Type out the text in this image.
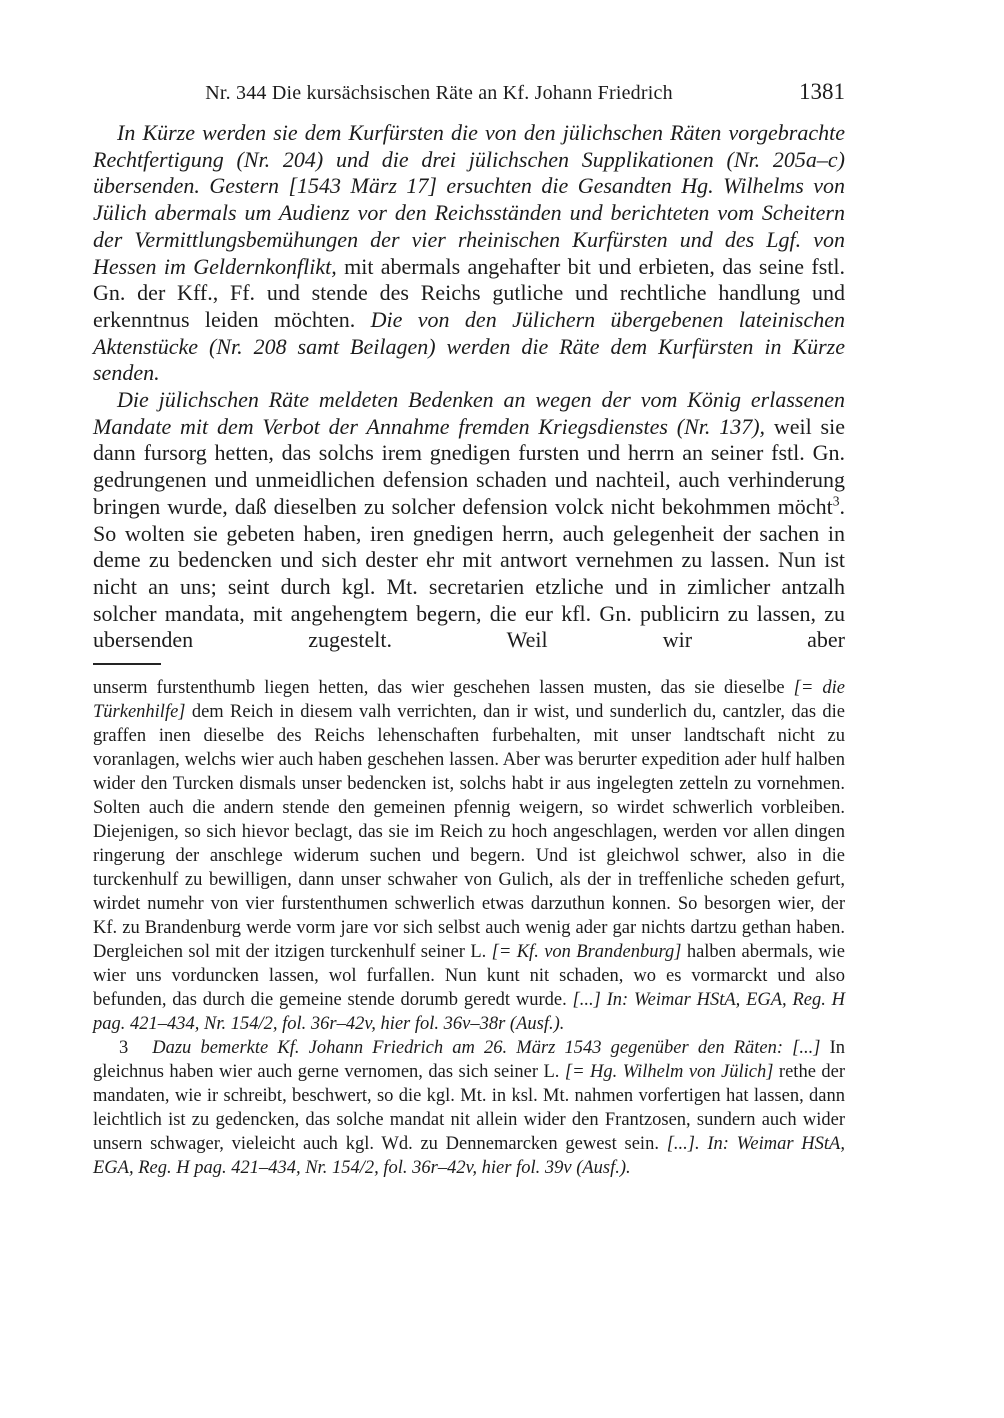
Nr. 344 Die kursächsischen Räte an Kf. Johann Friedrich	1381

In Kürze werden sie dem Kurfürsten die von den jülichschen Räten vorgebrachte Rechtfertigung (Nr. 204) und die drei jülichschen Supplikationen (Nr. 205a–c) übersenden. Gestern [1543 März 17] ersuchten die Gesandten Hg. Wilhelms von Jülich abermals um Audienz vor den Reichsständen und berichteten vom Scheitern der Vermittlungsbemühungen der vier rheinischen Kurfürsten und des Lgf. von Hessen im Geldernkonflikt, mit abermals angehafter bit und erbieten, das seine fstl. Gn. der Kff., Ff. und stende des Reichs gutliche und rechtliche handlung und erkenntnus leiden möchten. Die von den Jülichern übergebenen lateinischen Aktenstücke (Nr. 208 samt Beilagen) werden die Räte dem Kurfürsten in Kürze senden.

Die jülichschen Räte meldeten Bedenken an wegen der vom König erlassenen Mandate mit dem Verbot der Annahme fremden Kriegsdienstes (Nr. 137), weil sie dann fursorg hetten, das solchs irem gnedigen fursten und herrn an seiner fstl. Gn. gedrungenen und unmeidlichen defension schaden und nachteil, auch verhinderung bringen wurde, daß dieselben zu solcher defension volck nicht bekohmmen möcht$^3$. So wolten sie gebeten haben, iren gnedigen herrn, auch gelegenheit der sachen in deme zu bedencken und sich dester ehr mit antwort vernehmen zu lassen. Nun ist nicht an uns; seint durch kgl. Mt. secretarien etzliche und in zimlicher antzalh solcher mandata, mit angehengtem begern, die eur kfl. Gn. publicirn zu lassen, zu ubersenden zugestelt. Weil wir aber

unserm furstenthumb liegen hetten, das wier geschehen lassen musten, das sie dieselbe [= die Türkenhilfe] dem Reich in diesem valh verrichten, dan ir wist, und sunderlich du, cantzler, das die graffen inen dieselbe des Reichs lehenschaften furbehalten, mit unser landtschaft nicht zu voranlagen, welchs wier auch haben geschehen lassen. Aber was berurter expedition ader hulf halben wider den Turcken dismals unser bedencken ist, solchs habt ir aus ingelegten zetteln zu vornehmen. Solten auch die andern stende den gemeinen pfennig weigern, so wirdet schwerlich vorbleiben. Diejenigen, so sich hievor beclagt, das sie im Reich zu hoch angeschlagen, werden vor allen dingen ringerung der anschlege widerum suchen und begern. Und ist gleichwol schwer, also in die turckenhulf zu bewilligen, dann unser schwaher von Gulich, als der in treffenliche scheden gefurt, wirdet numehr von vier furstenthumen schwerlich etwas darzuthun konnen. So besorgen wier, der Kf. zu Brandenburg werde vorm jare vor sich selbst auch wenig ader gar nichts dartzu gethan haben. Dergleichen sol mit der itzigen turckenhulf seiner L. [= Kf. von Brandenburg] halben abermals, wie wier uns vorduncken lassen, wol furfallen. Nun kunt nit schaden, wo es vormarckt und also befunden, das durch die gemeine stende dorumb geredt wurde. [...] In: Weimar HStA, EGA, Reg. H pag. 421–434, Nr. 154/2, fol. 36r–42v, hier fol. 36v–38r (Ausf.).

3 Dazu bemerkte Kf. Johann Friedrich am 26. März 1543 gegenüber den Räten: [...] In gleichnus haben wier auch gerne vernomen, das sich seiner L. [= Hg. Wilhelm von Jülich] rethe der mandaten, wie ir schreibt, beschwert, so die kgl. Mt. in ksl. Mt. nahmen vorfertigen hat lassen, dann leichtlich ist zu gedencken, das solche mandat nit allein wider den Frantzosen, sundern auch wider unsern schwager, vieleicht auch kgl. Wd. zu Dennemarcken gewest sein. [...]. In: Weimar HStA, EGA, Reg. H pag. 421–434, Nr. 154/2, fol. 36r–42v, hier fol. 39v (Ausf.).
